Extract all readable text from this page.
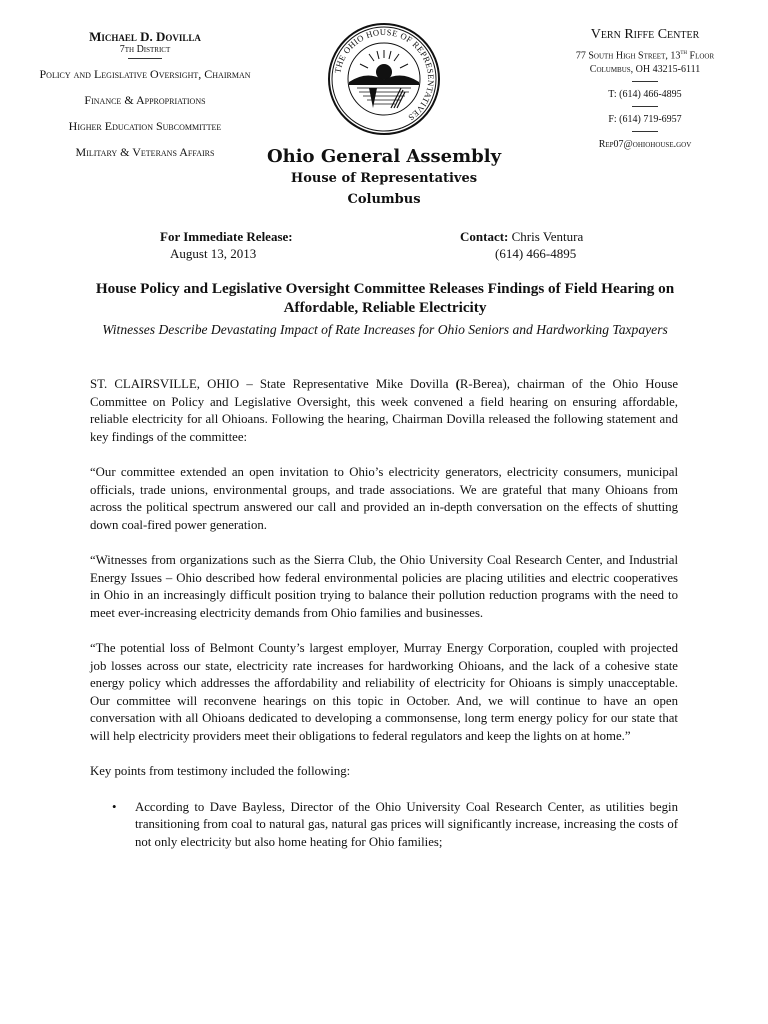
Michael D. Dovilla
7th District
Policy and Legislative Oversight, Chairman
Finance & Appropriations
Higher Education Subcommittee
Military & Veterans Affairs
THE OHIO HOUSE OF REPRESENTATIVES
Ohio General Assembly
House of Representatives
Columbus
Vern Riffe Center
77 South High Street, 13th Floor
Columbus, OH 43215-6111
T: (614) 466-4895
F: (614) 719-6957
Rep07@ohiohouse.gov
For Immediate Release:
August 13, 2013
Contact: Chris Ventura
(614) 466-4895
House Policy and Legislative Oversight Committee Releases Findings of Field Hearing on Affordable, Reliable Electricity
Witnesses Describe Devastating Impact of Rate Increases for Ohio Seniors and Hardworking Taxpayers

ST. CLAIRSVILLE, OHIO – State Representative Mike Dovilla (R-Berea), chairman of the Ohio House Committee on Policy and Legislative Oversight, this week convened a field hearing on ensuring affordable, reliable electricity for all Ohioans. Following the hearing, Chairman Dovilla released the following statement and key findings of the committee:

“Our committee extended an open invitation to Ohio’s electricity generators, electricity consumers, municipal officials, trade unions, environmental groups, and trade associations. We are grateful that many Ohioans from across the political spectrum answered our call and provided an in-depth conversation on the effects of shutting down coal-fired power generation.

“Witnesses from organizations such as the Sierra Club, the Ohio University Coal Research Center, and Industrial Energy Issues – Ohio described how federal environmental policies are placing utilities and electric cooperatives in Ohio in an increasingly difficult position trying to balance their pollution reduction programs with the need to meet ever-increasing electricity demands from Ohio families and businesses.

“The potential loss of Belmont County’s largest employer, Murray Energy Corporation, coupled with projected job losses across our state, electricity rate increases for hardworking Ohioans, and the lack of a cohesive state energy policy which addresses the affordability and reliability of electricity for Ohioans is simply unacceptable. Our committee will reconvene hearings on this topic in October. And, we will continue to have an open conversation with all Ohioans dedicated to developing a commonsense, long term energy policy for our state that will help electricity providers meet their obligations to federal regulators and keep the lights on at home.”

Key points from testimony included the following:

• According to Dave Bayless, Director of the Ohio University Coal Research Center, as utilities begin transitioning from coal to natural gas, natural gas prices will significantly increase, increasing the costs of not only electricity but also home heating for Ohio families;
